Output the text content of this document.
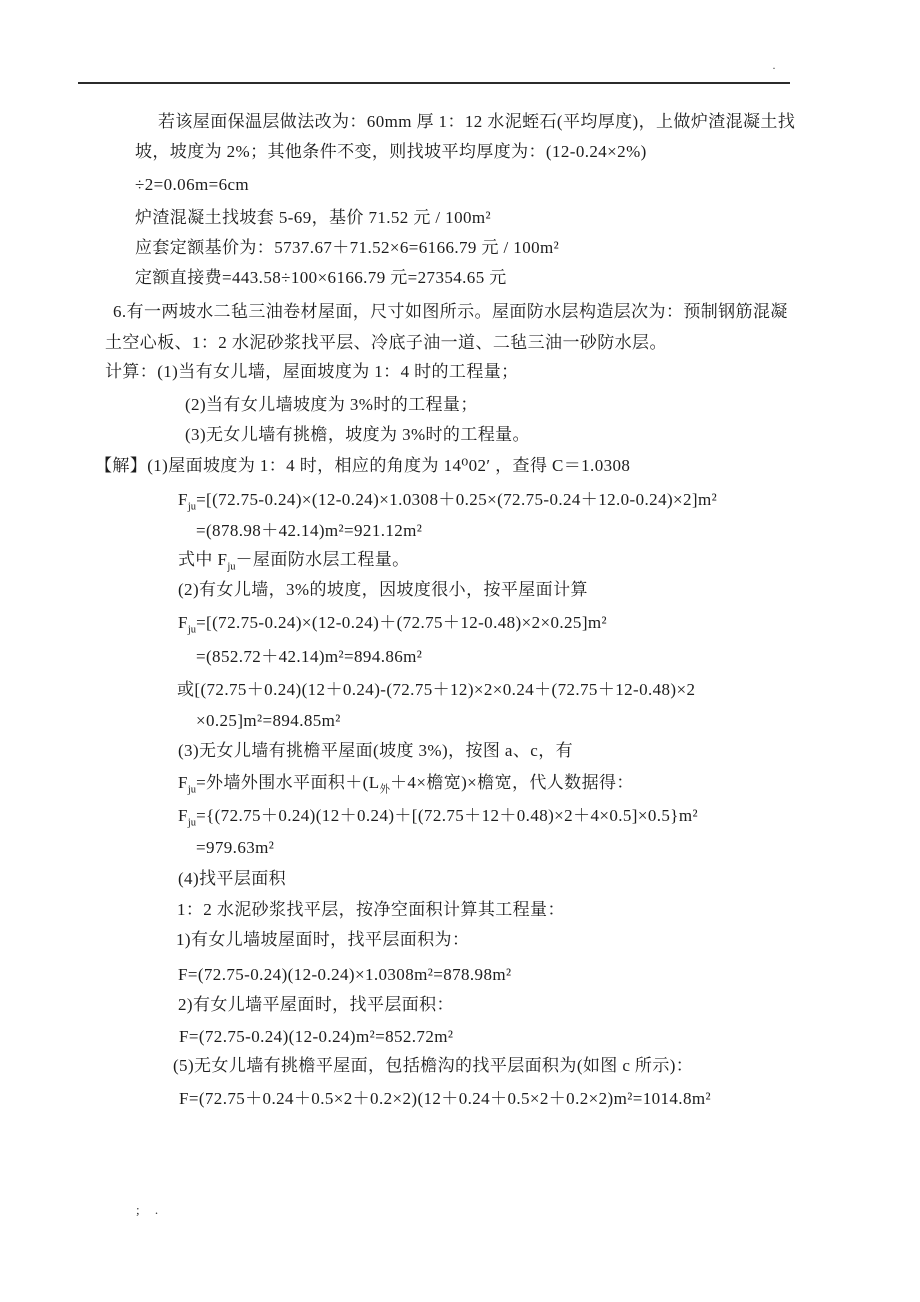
·
若该屋面保温层做法改为：60mm 厚 1：12 水泥蛭石(平均厚度)，上做炉渣混凝土找
坡，坡度为 2%；其他条件不变，则找坡平均厚度为：(12-0.24×2%)
÷2=0.06m=6cm
炉渣混凝土找坡套 5-69，基价 71.52 元 / 100m²
应套定额基价为：5737.67＋71.52×6=6166.79 元 / 100m²
定额直接费=443.58÷100×6166.79 元=27354.65 元
6.有一两坡水二毡三油卷材屋面，尺寸如图所示。屋面防水层构造层次为：预制钢筋混凝
土空心板、1：2 水泥砂浆找平层、冷底子油一道、二毡三油一砂防水层。
计算：(1)当有女儿墙，屋面坡度为 1：4 时的工程量；
(2)当有女儿墙坡度为 3%时的工程量；
(3)无女儿墙有挑檐，坡度为 3%时的工程量。
【解】(1)屋面坡度为 1：4 时，相应的角度为 14⁰02′ ，查得 C＝1.0308
$F_{ju}=[(72.75-0.24)\times(12-0.24)\times 1.0308+0.25\times(72.75-0.24+12.0-0.24)\times 2]m^2$
=(878.98＋42.14)m²=921.12m²
式中 $F_{ju}-$屋面防水层工程量。
(2)有女儿墙，3%的坡度，因坡度很小，按平屋面计算
$F_{ju}=[(72.75-0.24)\times(12-0.24)+(72.75+12-0.48)\times 2\times 0.25]m^2$
=(852.72＋42.14)m²=894.86m²
或[(72.75＋0.24)(12＋0.24)-(72.75＋12)×2×0.24＋(72.75＋12-0.48)×2
×0.25]m²=894.85m²
(3)无女儿墙有挑檐平屋面(坡度 3%)，按图 a、c，有
$F_{ju}=$外墙外围水平面积$+(L_外+4\times$檐宽)×檐宽，代人数据得：
$F_{ju}=\{(72.75+0.24)(12+0.24)+[(72.75+12+0.48)\times 2+4\times 0.5]\times 0.5\}m^2$
=979.63m²
(4)找平层面积
1：2 水泥砂浆找平层，按净空面积计算其工程量：
1)有女儿墙坡屋面时，找平层面积为：
F=(72.75-0.24)(12-0.24)×1.0308m²=878.98m²
2)有女儿墙平屋面时，找平层面积：
F=(72.75-0.24)(12-0.24)m²=852.72m²
(5)无女儿墙有挑檐平屋面，包括檐沟的找平层面积为(如图 c 所示)：
F=(72.75＋0.24＋0.5×2＋0.2×2)(12＋0.24＋0.5×2＋0.2×2)m²=1014.8m²
; .
